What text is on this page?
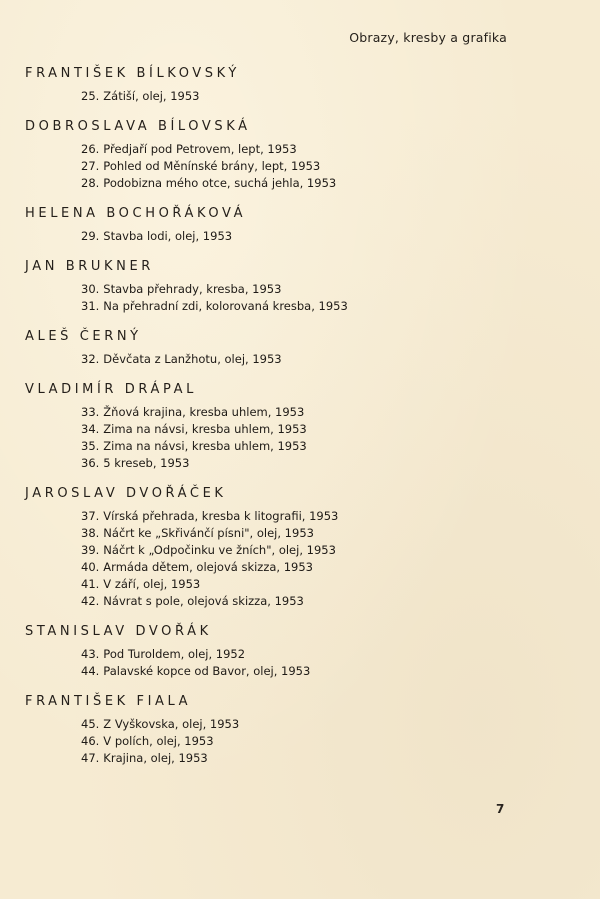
Obrazy, kresby a grafika
FRANTIŠEK BÍLKOVSKÝ
25. Zátiší, olej, 1953
DOBROSLAVA BÍLOVSKÁ
26. Předjaří pod Petrovem, lept, 1953
27. Pohled od Měnínské brány, lept, 1953
28. Podobizna mého otce, suchá jehla, 1953
HELENA BOCHOŘÁKOVÁ
29. Stavba lodi, olej, 1953
JAN BRUKNER
30. Stavba přehrady, kresba, 1953
31. Na přehradní zdi, kolorovaná kresba, 1953
ALEŠ ČERNÝ
32. Děvčata z Lanžhotu, olej, 1953
VLADIMÍR DRÁPAL
33. Žňová krajina, kresba uhlem, 1953
34. Zima na návsi, kresba uhlem, 1953
35. Zima na návsi, kresba uhlem, 1953
36. 5 kreseb, 1953
JAROSLAV DVOŘÁČEK
37. Vírská přehrada, kresba k litografii, 1953
38. Náčrt ke „Skřivánčí písni", olej, 1953
39. Náčrt k „Odpočinku ve žních", olej, 1953
40. Armáda dětem, olejová skizza, 1953
41. V září, olej, 1953
42. Návrat s pole, olejová skizza, 1953
STANISLAV DVOŘÁK
43. Pod Turoldem, olej, 1952
44. Palavské kopce od Bavor, olej, 1953
FRANTIŠEK FIALA
45. Z Vyškovska, olej, 1953
46. V polích, olej, 1953
47. Krajina, olej, 1953
7
